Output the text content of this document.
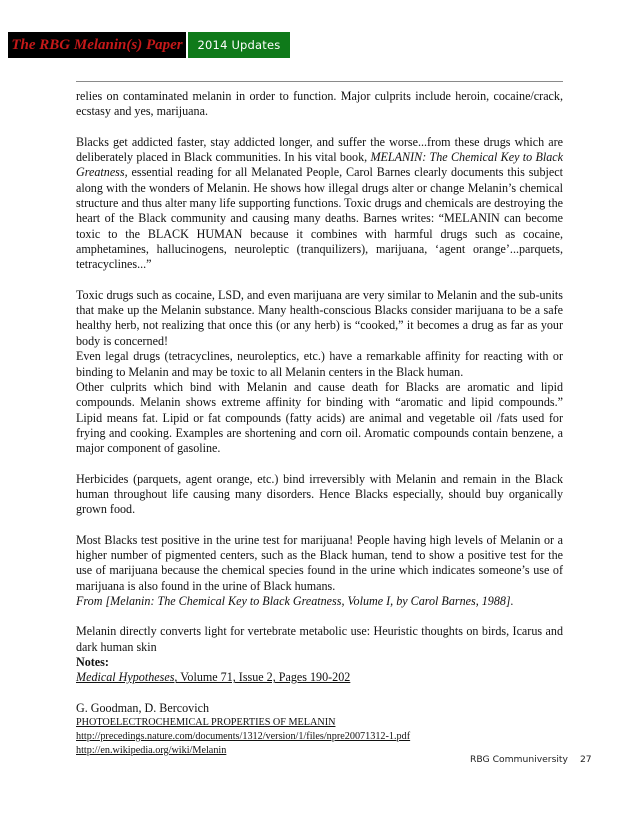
The RBG Melanin(s) Paper	2014 Updates

relies on contaminated melanin in order to function. Major culprits include heroin, cocaine/crack, ecstasy and yes, marijuana.

Blacks get addicted faster, stay addicted longer, and suffer the worse...from these drugs which are deliberately placed in Black communities. In his vital book, MELANIN: The Chemical Key to Black Greatness, essential reading for all Melanated People, Carol Barnes clearly documents this subject along with the wonders of Melanin. He shows how illegal drugs alter or change Melanin’s chemical structure and thus alter many life supporting functions. Toxic drugs and chemicals are destroying the heart of the Black community and causing many deaths. Barnes writes: “MELANIN can become toxic to the BLACK HUMAN because it combines with harmful drugs such as cocaine, amphetamines, hallucinogens, neuroleptic (tranquilizers), marijuana, ‘agent orange’...parquets, tetracyclines...”

Toxic drugs such as cocaine, LSD, and even marijuana are very similar to Melanin and the sub-units that make up the Melanin substance. Many health-conscious Blacks consider marijuana to be a safe healthy herb, not realizing that once this (or any herb) is “cooked,” it becomes a drug as far as your body is concerned!

Even legal drugs (tetracyclines, neuroleptics, etc.) have a remarkable affinity for reacting with or binding to Melanin and may be toxic to all Melanin centers in the Black human.

Other culprits which bind with Melanin and cause death for Blacks are aromatic and lipid compounds. Melanin shows extreme affinity for binding with “aromatic and lipid compounds.” Lipid means fat. Lipid or fat compounds (fatty acids) are animal and vegetable oil /fats used for frying and cooking. Examples are shortening and corn oil. Aromatic compounds contain benzene, a major component of gasoline.

Herbicides (parquets, agent orange, etc.) bind irreversibly with Melanin and remain in the Black human throughout life causing many disorders. Hence Blacks especially, should buy organically grown food.

Most Blacks test positive in the urine test for marijuana! People having high levels of Melanin or a higher number of pigmented centers, such as the Black human, tend to show a positive test for the use of marijuana because the chemical species found in the urine which indicates someone’s use of marijuana is also found in the urine of Black humans.

From [Melanin: The Chemical Key to Black Greatness, Volume I, by Carol Barnes, 1988].

Melanin directly converts light for vertebrate metabolic use: Heuristic thoughts on birds, Icarus and dark human skin

Notes:

Medical Hypotheses, Volume 71, Issue 2, Pages 190-202

G. Goodman, D. Bercovich

PHOTOELECTROCHEMICAL PROPERTIES OF MELANIN

http://precedings.nature.com/documents/1312/version/1/files/npre20071312-1.pdf

http://en.wikipedia.org/wiki/Melanin

RBG Communiversity 27
